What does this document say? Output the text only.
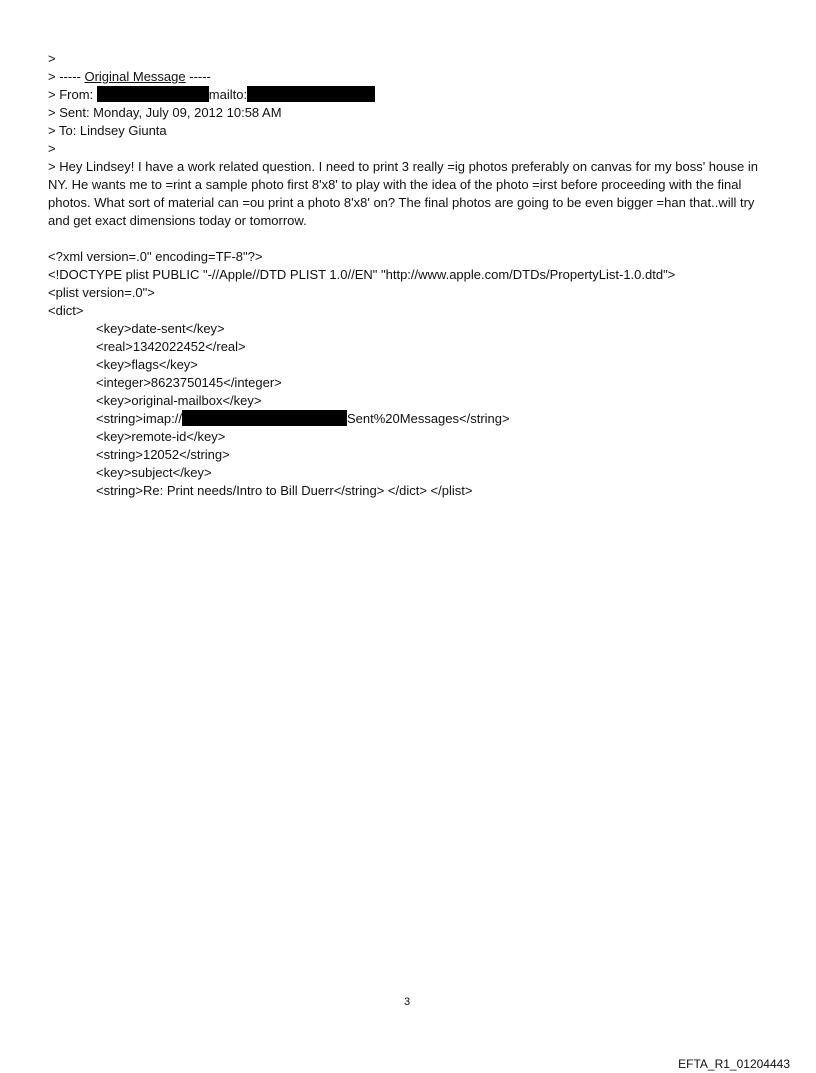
>
> ----- Original Message -----
> From:	mailto:
> Sent: Monday, July 09, 2012 10:58 AM
> To: Lindsey Giunta
>
> Hey Lindsey! I have a work related question. I need to print 3 really =ig photos preferably on canvas for my boss' house in NY. He wants me to =rint a sample photo first 8'x8' to play with the idea of the photo =irst before proceeding with the final photos. What sort of material can =ou print a photo 8'x8' on? The final photos are going to be even bigger =han that..will try and get exact dimensions today or tomorrow.
<?xml version=.0" encoding=TF-8"?>
<!DOCTYPE plist PUBLIC "-//Apple//DTD PLIST 1.0//EN" "http://www.apple.com/DTDs/PropertyList-1.0.dtd">
<plist version=.0">
<dict>
<key>date-sent</key>
<real>1342022452</real>
<key>flags</key>
<integer>8623750145</integer>
<key>original-mailbox</key>
<string>imap://	Sent%20Messages</string>
<key>remote-id</key>
<string>12052</string>
<key>subject</key>
<string>Re: Print needs/Intro to Bill Duerr</string> </dict> </plist>
3
EFTA_R1_01204443
